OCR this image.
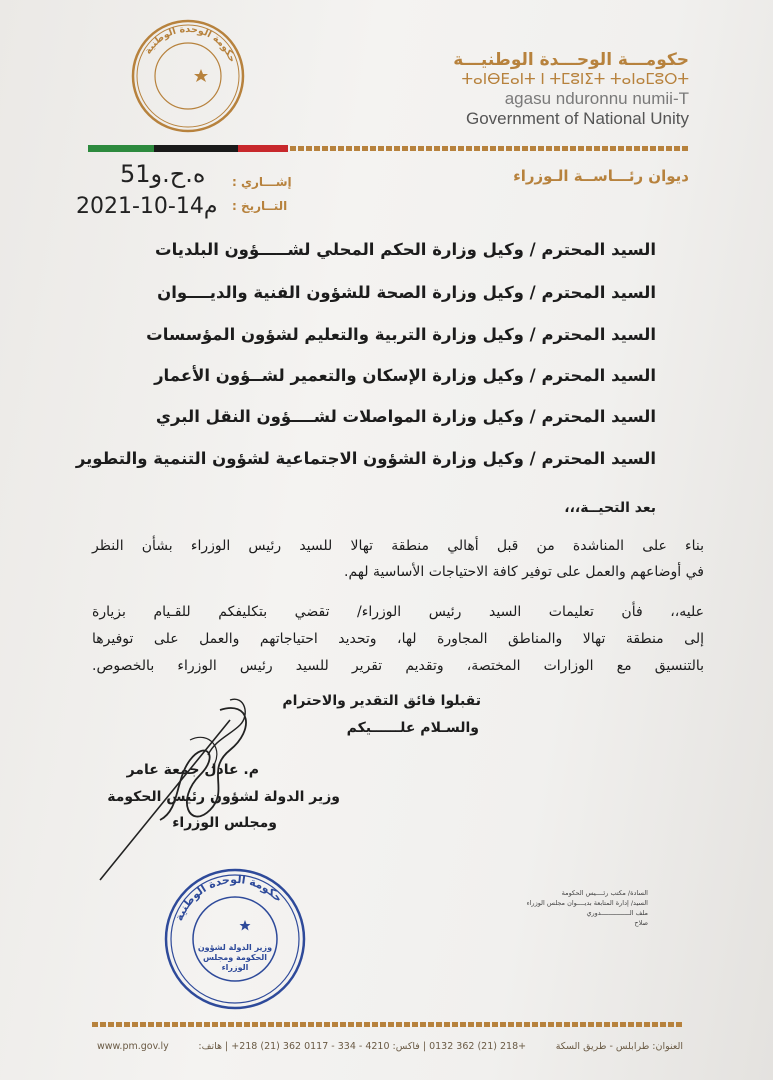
حكومة الوحدة الوطنية	حكومـــة الوحـــدة الوطنيـــة
ⵜⴰⵏⴱⴹⴰⵏⵜ ⵏ ⵜⵎⵓⵏⵉⵜ ⵜⴰⵏⴰⵎⵓⵔⵜ
agasu nduronnu numii-T
Government of National Unity
ديوان رئـــاســة الـوزراء
إشـــاري :
التــاريخ :
51ه.ح.و
2021-10-14م
السيد المحترم / وكيل وزارة الحكم المحلي لشـــــؤون البلديات
السيد المحترم / وكيل وزارة الصحة للشؤون الفنية والديــــوان
السيد المحترم / وكيل وزارة التربية والتعليم لشؤون المؤسسات
السيد المحترم / وكيل وزارة الإسكان والتعمير لشــؤون الأعمار
السيد المحترم / وكيل وزارة المواصلات لشــــؤون النقل البري
السيد المحترم / وكيل وزارة الشؤون الاجتماعية لشؤون التنمية والتطوير
بعد التحيــة،،،
بناء على المناشدة من قبل أهالي منطقة تهالا للسيد رئيس الوزراء بشأن النظر
في أوضاعهم والعمل على توفير كافة الاحتياجات الأساسية لهم.
عليه،، فأن تعليمات السيد رئيس الوزراء/ تقضي بتكليفكم للقـيام بزيارة
إلى منطقة تهالا والمناطق المجاورة لها، وتحديد احتياجاتهم والعمل على توفيرها
بالتنسيق مع الوزارات المختصة، وتقديم تقرير للسيد رئيس الوزراء بالخصوص.
تقبلوا فائق التقدير والاحترام
والسـلام علــــــيكم
م. عادل جمعة عامر
وزير الدولة لشؤون رئيس الحكومة
ومجلس الوزراء
السادة/ مكتب رئــــيس الحكومة
السيد/ إدارة المتابعة بديــــوان مجلس الوزراء
ملف الـــــــــــــــدوري
صلاح
حكومة الوحدة الوطنية
وزير الدولة لشؤون الحكومة ومجلس الوزراء
www.pm.gov.ly	+218 (21) 362 0132 | فاكس: 4210 - 334 - 0117 362 (21) 218+ | هاتف:	العنوان: طرابلس - طريق السكة
